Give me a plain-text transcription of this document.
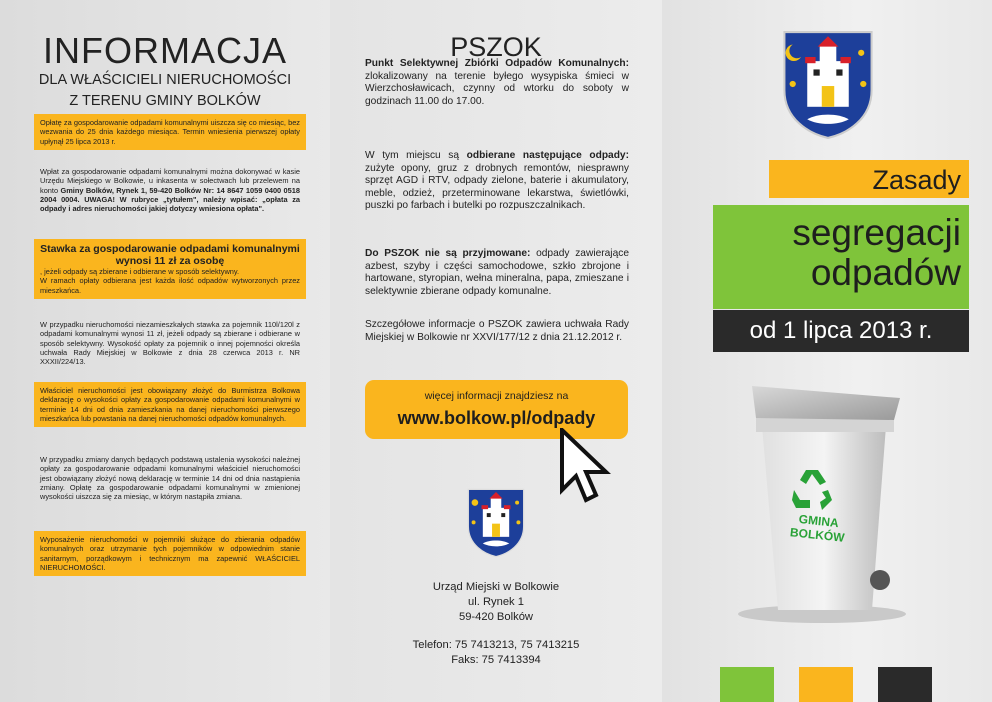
INFORMACJA
DLA WŁAŚCICIELI NIERUCHOMOŚCI
Z TERENU GMINY BOLKÓW
Opłatę za gospodarowanie odpadami komunalnymi uiszcza się co miesiąc, bez wezwania do 25 dnia każdego miesiąca. Termin wniesienia pierwszej opłaty upłynął 25 lipca 2013 r.
Wpłat za gospodarowanie odpadami komunalnymi można dokonywać w kasie Urzędu Miejskiego w Bolkowie, u inkasenta w sołectwach lub przelewem na konto Gminy Bolków, Rynek 1, 59-420 Bolków Nr: 14 8647 1059 0400 0518 2004 0004. UWAGA! W rubryce „tytułem", należy wpisać: „opłata za odpady i adres nieruchomości jakiej dotyczy wniesiona opłata".
Stawka za gospodarowanie odpadami komunalnymi wynosi 11 zł za osobę
, jeżeli odpady są zbierane i odbierane w sposób selektywny.
W ramach opłaty odbierana jest każda ilość odpadów wytworzonych przez mieszkańca.
W przypadku nieruchomości niezamieszkałych stawka za pojemnik 110l/120l z odpadami komunalnymi wynosi 11 zł, jeżeli odpady są zbierane i odbierane w sposób selektywny. Wysokość opłaty za pojemnik o innej pojemności określa uchwała Rady Miejskiej w Bolkowie z dnia 28 czerwca 2013 r. NR XXXII/224/13.
Właściciel nieruchomości jest obowiązany złożyć do Burmistrza Bolkowa deklarację o wysokości opłaty za gospodarowanie odpadami komunalnymi w terminie 14 dni od dnia zamieszkania na danej nieruchomości pierwszego mieszkańca lub powstania na danej nieruchomości odpadów komunalnych.
W przypadku zmiany danych będących podstawą ustalenia wysokości należnej opłaty za gospodarowanie odpadami komunalnymi właściciel nieruchomości jest obowiązany złożyć nową deklarację w terminie 14 dni od dnia nastąpienia zmiany. Opłatę za gospodarowanie odpadami komunalnymi w zmienionej wysokości uiszcza się za miesiąc, w którym nastąpiła zmiana.
Wyposażenie nieruchomości w pojemniki służące do zbierania odpadów komunalnych oraz utrzymanie tych pojemników w odpowiednim stanie sanitarnym, porządkowym i technicznym ma zapewnić WŁAŚCICIEL NIERUCHOMOŚCI.
PSZOK
Punkt Selektywnej Zbiórki Odpadów Komunalnych: zlokalizowany na terenie byłego wysypiska śmieci w Wierzchosławicach, czynny od wtorku do soboty w godzinach 11.00 do 17.00.
W tym miejscu są odbierane następujące odpady: zużyte opony, gruz z drobnych remontów, niesprawny sprzęt AGD i RTV, odpady zielone, baterie i akumulatory, meble, odzież, przeterminowane lekarstwa, świetlówki, puszki po farbach i butelki po rozpuszczalnikach.
Do PSZOK nie są przyjmowane: odpady zawierające azbest, szyby i części samochodowe, szkło zbrojone i hartowane, styropian, wełna mineralna, papa, zmieszane i selektywnie zbierane odpady komunalne.
Szczegółowe informacje o PSZOK zawiera uchwała Rady Miejskiej w Bolkowie nr XXVI/177/12 z dnia 21.12.2012 r.
więcej informacji znajdziesz na
www.bolkow.pl/odpady
Urząd Miejski w Bolkowie
ul. Rynek 1
59-420 Bolków
Telefon: 75 7413213, 75 7413215
Faks: 75 7413394
Zasady
segregacji
odpadów
od 1 lipca 2013 r.
GMINA
BOLKÓW
